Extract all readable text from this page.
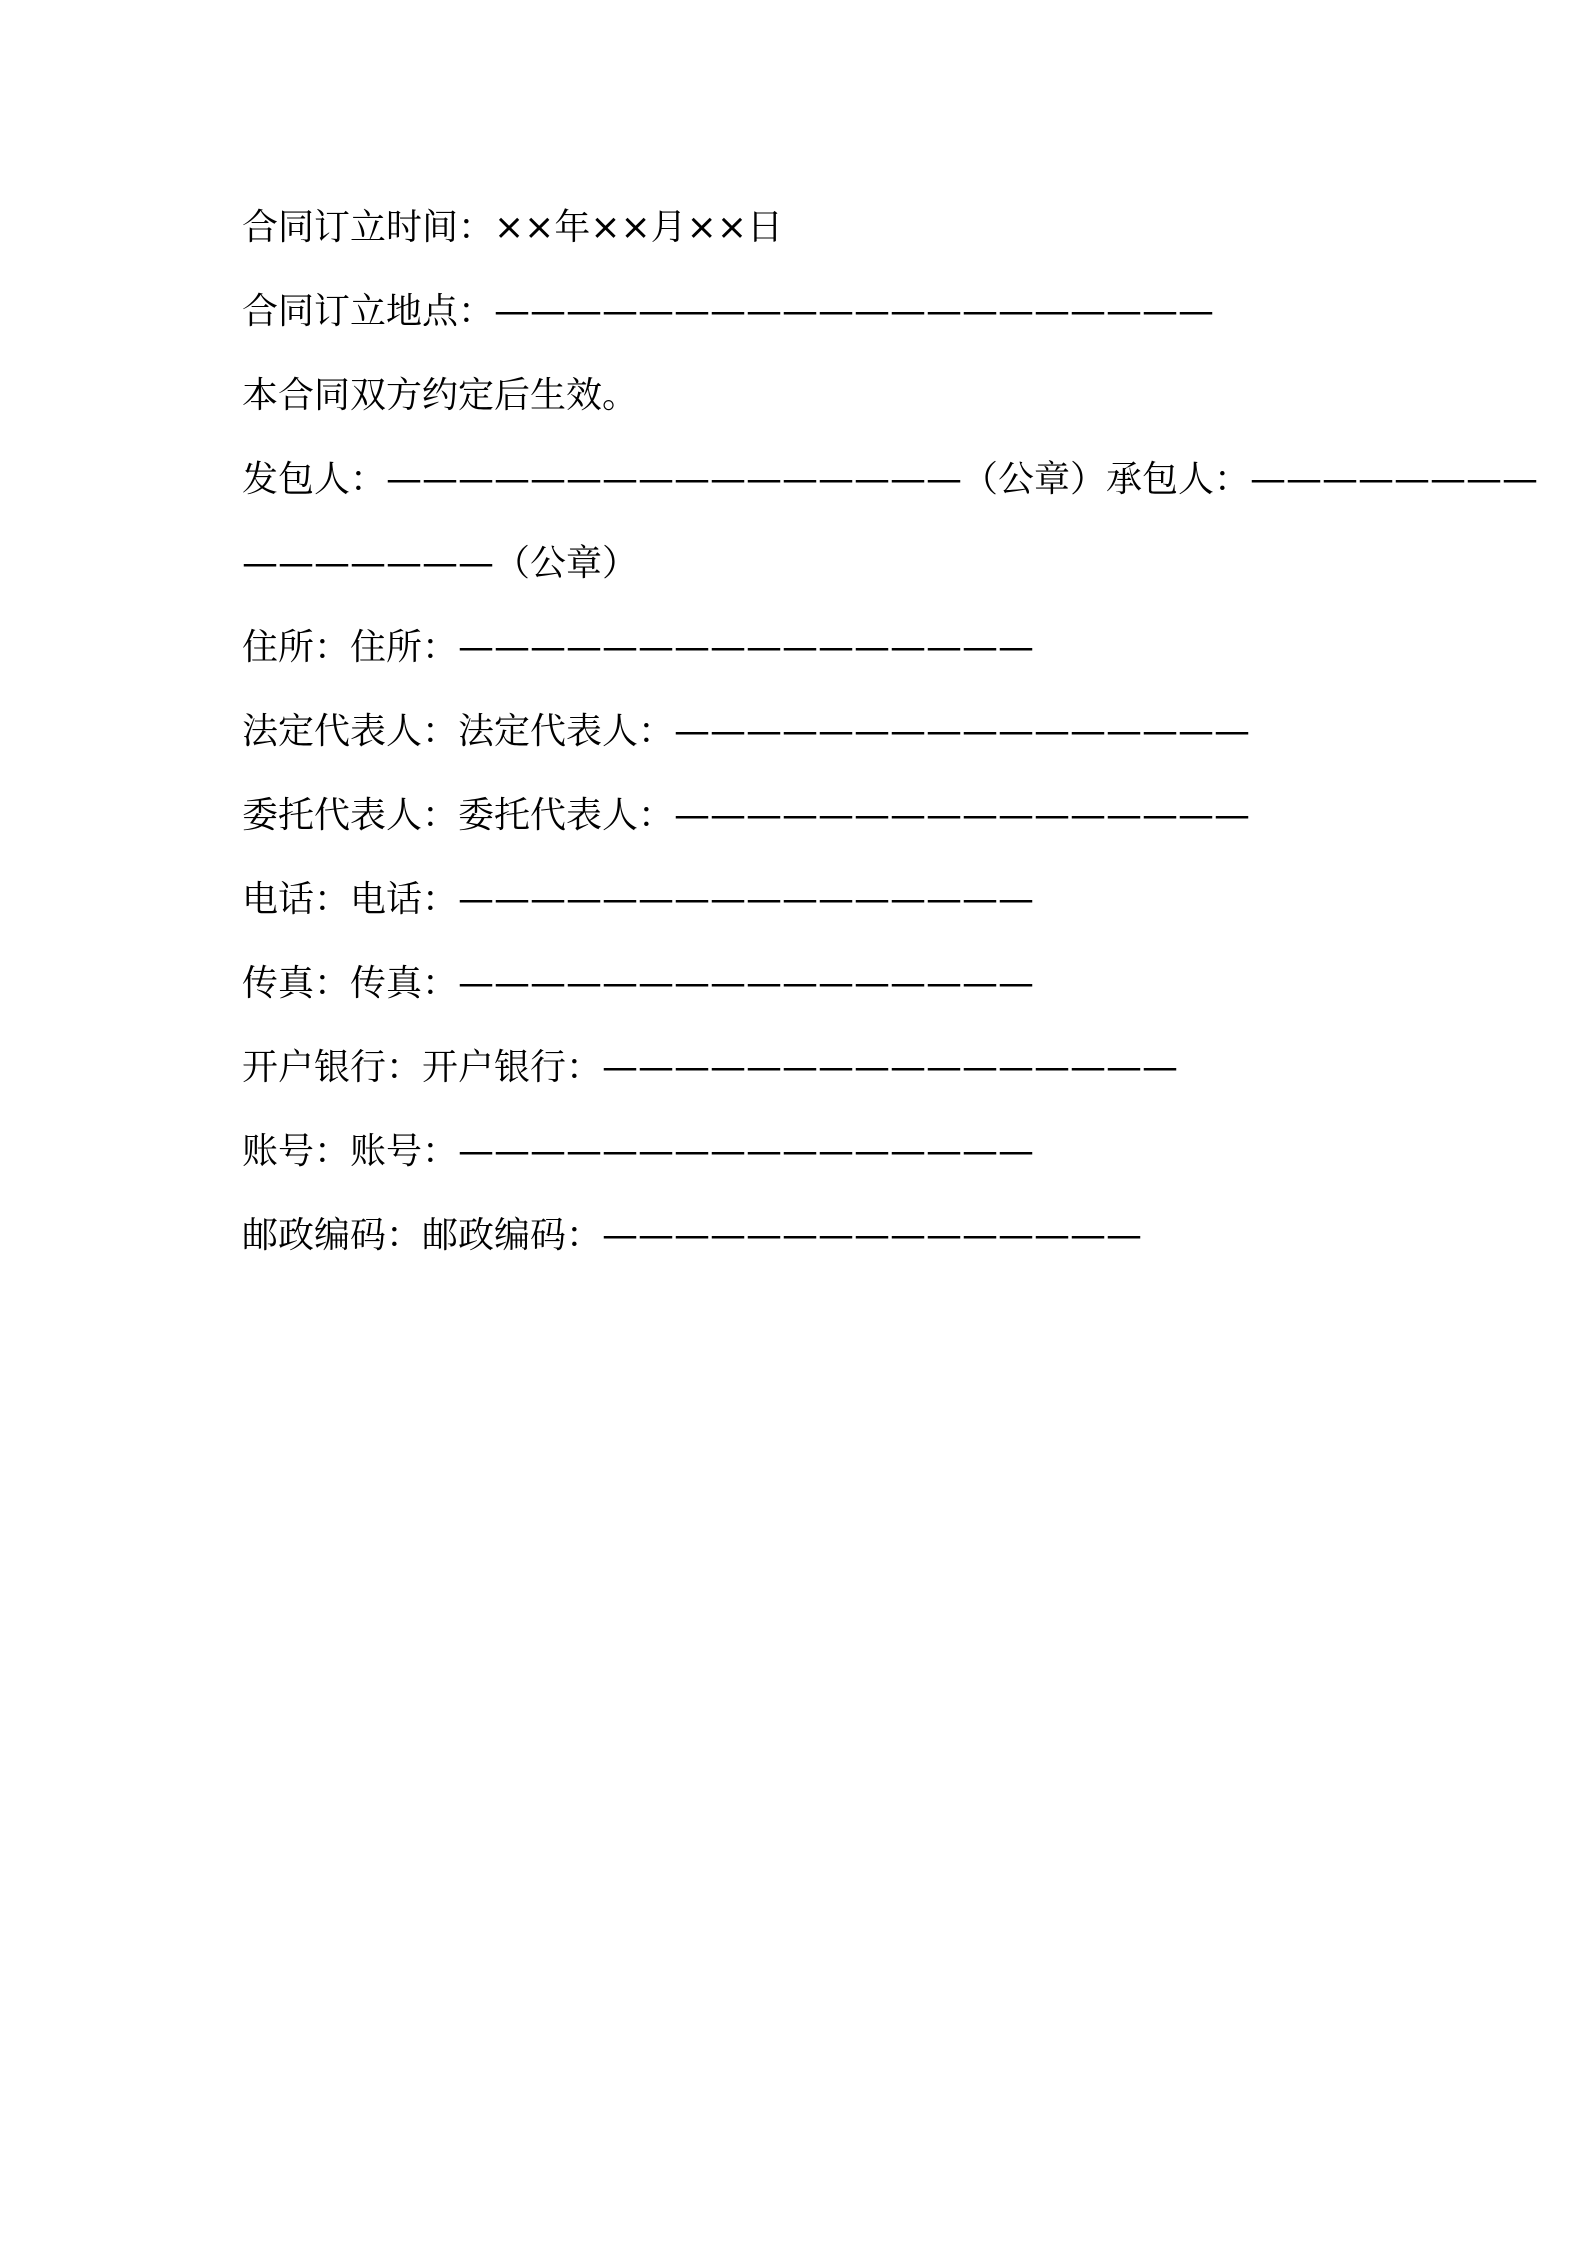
合同订立时间：××年××月××日
合同订立地点：————————————————————
本合同双方约定后生效。
发包人：————————————————（公章）承包人：————————
———————（公章）
住所：住所：————————————————
法定代表人：法定代表人：————————————————
委托代表人：委托代表人：————————————————
电话：电话：————————————————
传真：传真：————————————————
开户银行：开户银行：————————————————
账号：账号：————————————————
邮政编码：邮政编码：———————————————
